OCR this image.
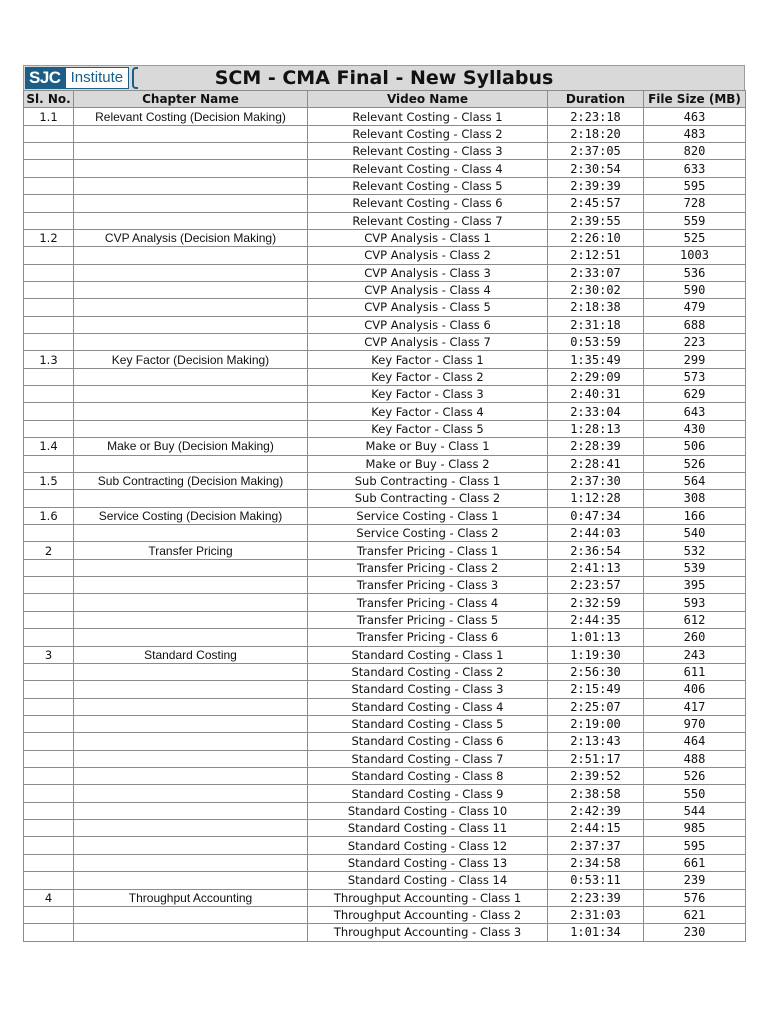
SCM - CMA Final - New Syllabus
SJC Institute
Sl. No.	Chapter Name	Video Name	Duration	File Size (MB)
1.1	Relevant Costing (Decision Making)	Relevant Costing - Class 1	2:23:18	463
		Relevant Costing - Class 2	2:18:20	483
		Relevant Costing - Class 3	2:37:05	820
		Relevant Costing - Class 4	2:30:54	633
		Relevant Costing - Class 5	2:39:39	595
		Relevant Costing - Class 6	2:45:57	728
		Relevant Costing - Class 7	2:39:55	559
1.2	CVP Analysis (Decision Making)	CVP Analysis - Class 1	2:26:10	525
		CVP Analysis - Class 2	2:12:51	1003
		CVP Analysis - Class 3	2:33:07	536
		CVP Analysis - Class 4	2:30:02	590
		CVP Analysis - Class 5	2:18:38	479
		CVP Analysis - Class 6	2:31:18	688
		CVP Analysis - Class 7	0:53:59	223
1.3	Key Factor (Decision Making)	Key Factor - Class 1	1:35:49	299
		Key Factor - Class 2	2:29:09	573
		Key Factor - Class 3	2:40:31	629
		Key Factor - Class 4	2:33:04	643
		Key Factor - Class 5	1:28:13	430
1.4	Make or Buy (Decision Making)	Make or Buy - Class 1	2:28:39	506
		Make or Buy - Class 2	2:28:41	526
1.5	Sub Contracting (Decision Making)	Sub Contracting - Class 1	2:37:30	564
		Sub Contracting - Class 2	1:12:28	308
1.6	Service Costing (Decision Making)	Service Costing - Class 1	0:47:34	166
		Service Costing - Class 2	2:44:03	540
2	Transfer Pricing	Transfer Pricing - Class 1	2:36:54	532
		Transfer Pricing - Class 2	2:41:13	539
		Transfer Pricing - Class 3	2:23:57	395
		Transfer Pricing - Class 4	2:32:59	593
		Transfer Pricing - Class 5	2:44:35	612
		Transfer Pricing - Class 6	1:01:13	260
3	Standard Costing	Standard Costing - Class 1	1:19:30	243
		Standard Costing - Class 2	2:56:30	611
		Standard Costing - Class 3	2:15:49	406
		Standard Costing - Class 4	2:25:07	417
		Standard Costing - Class 5	2:19:00	970
		Standard Costing - Class 6	2:13:43	464
		Standard Costing - Class 7	2:51:17	488
		Standard Costing - Class 8	2:39:52	526
		Standard Costing - Class 9	2:38:58	550
		Standard Costing - Class 10	2:42:39	544
		Standard Costing - Class 11	2:44:15	985
		Standard Costing - Class 12	2:37:37	595
		Standard Costing - Class 13	2:34:58	661
		Standard Costing - Class 14	0:53:11	239
4	Throughput Accounting	Throughput Accounting - Class 1	2:23:39	576
		Throughput Accounting - Class 2	2:31:03	621
		Throughput Accounting - Class 3	1:01:34	230
